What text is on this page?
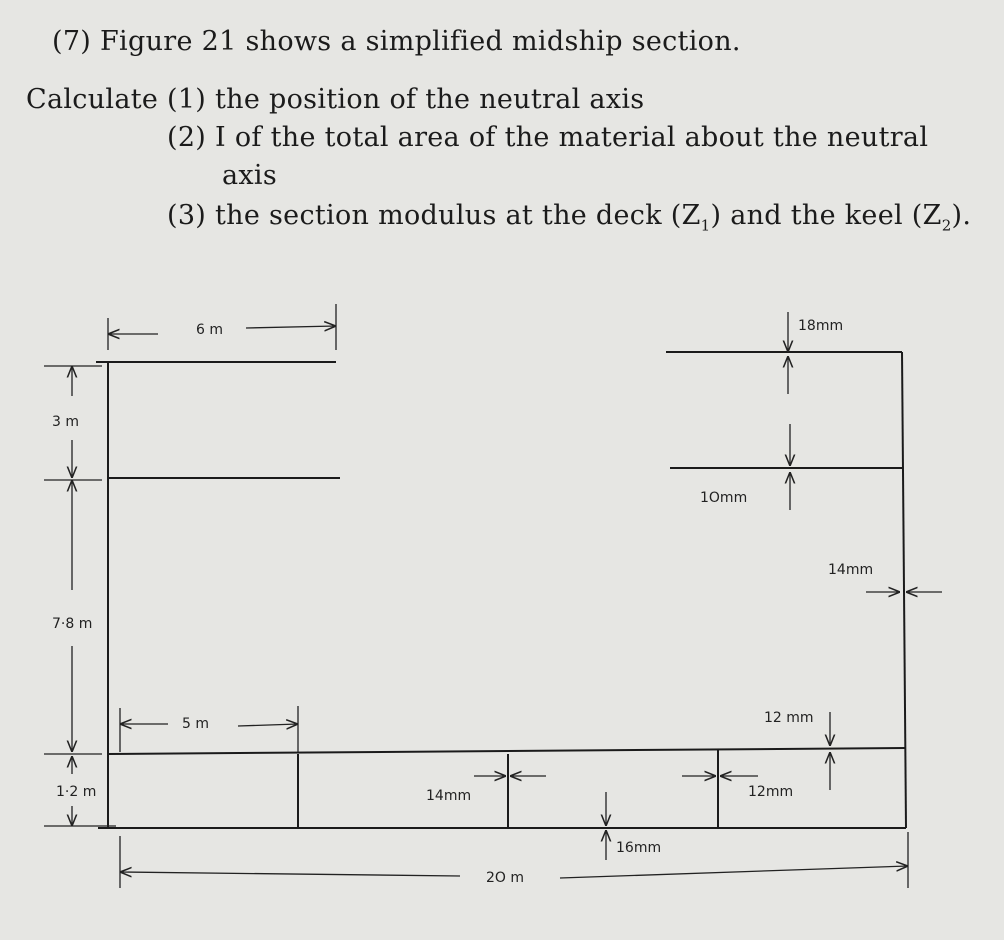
(7) Figure 21 shows a simplified midship section.
Calculate (1) the position of the neutral axis
(2) I of the total area of the material about the neutral
axis
(3) the section modulus at the deck $(Z_1)$ and the keel $(Z_2)$.
6 m
3 m
7·8 m
1·2 m
5 m
2O m
18mm
1Omm
14mm
12 mm
14mm	12mm
16mm
